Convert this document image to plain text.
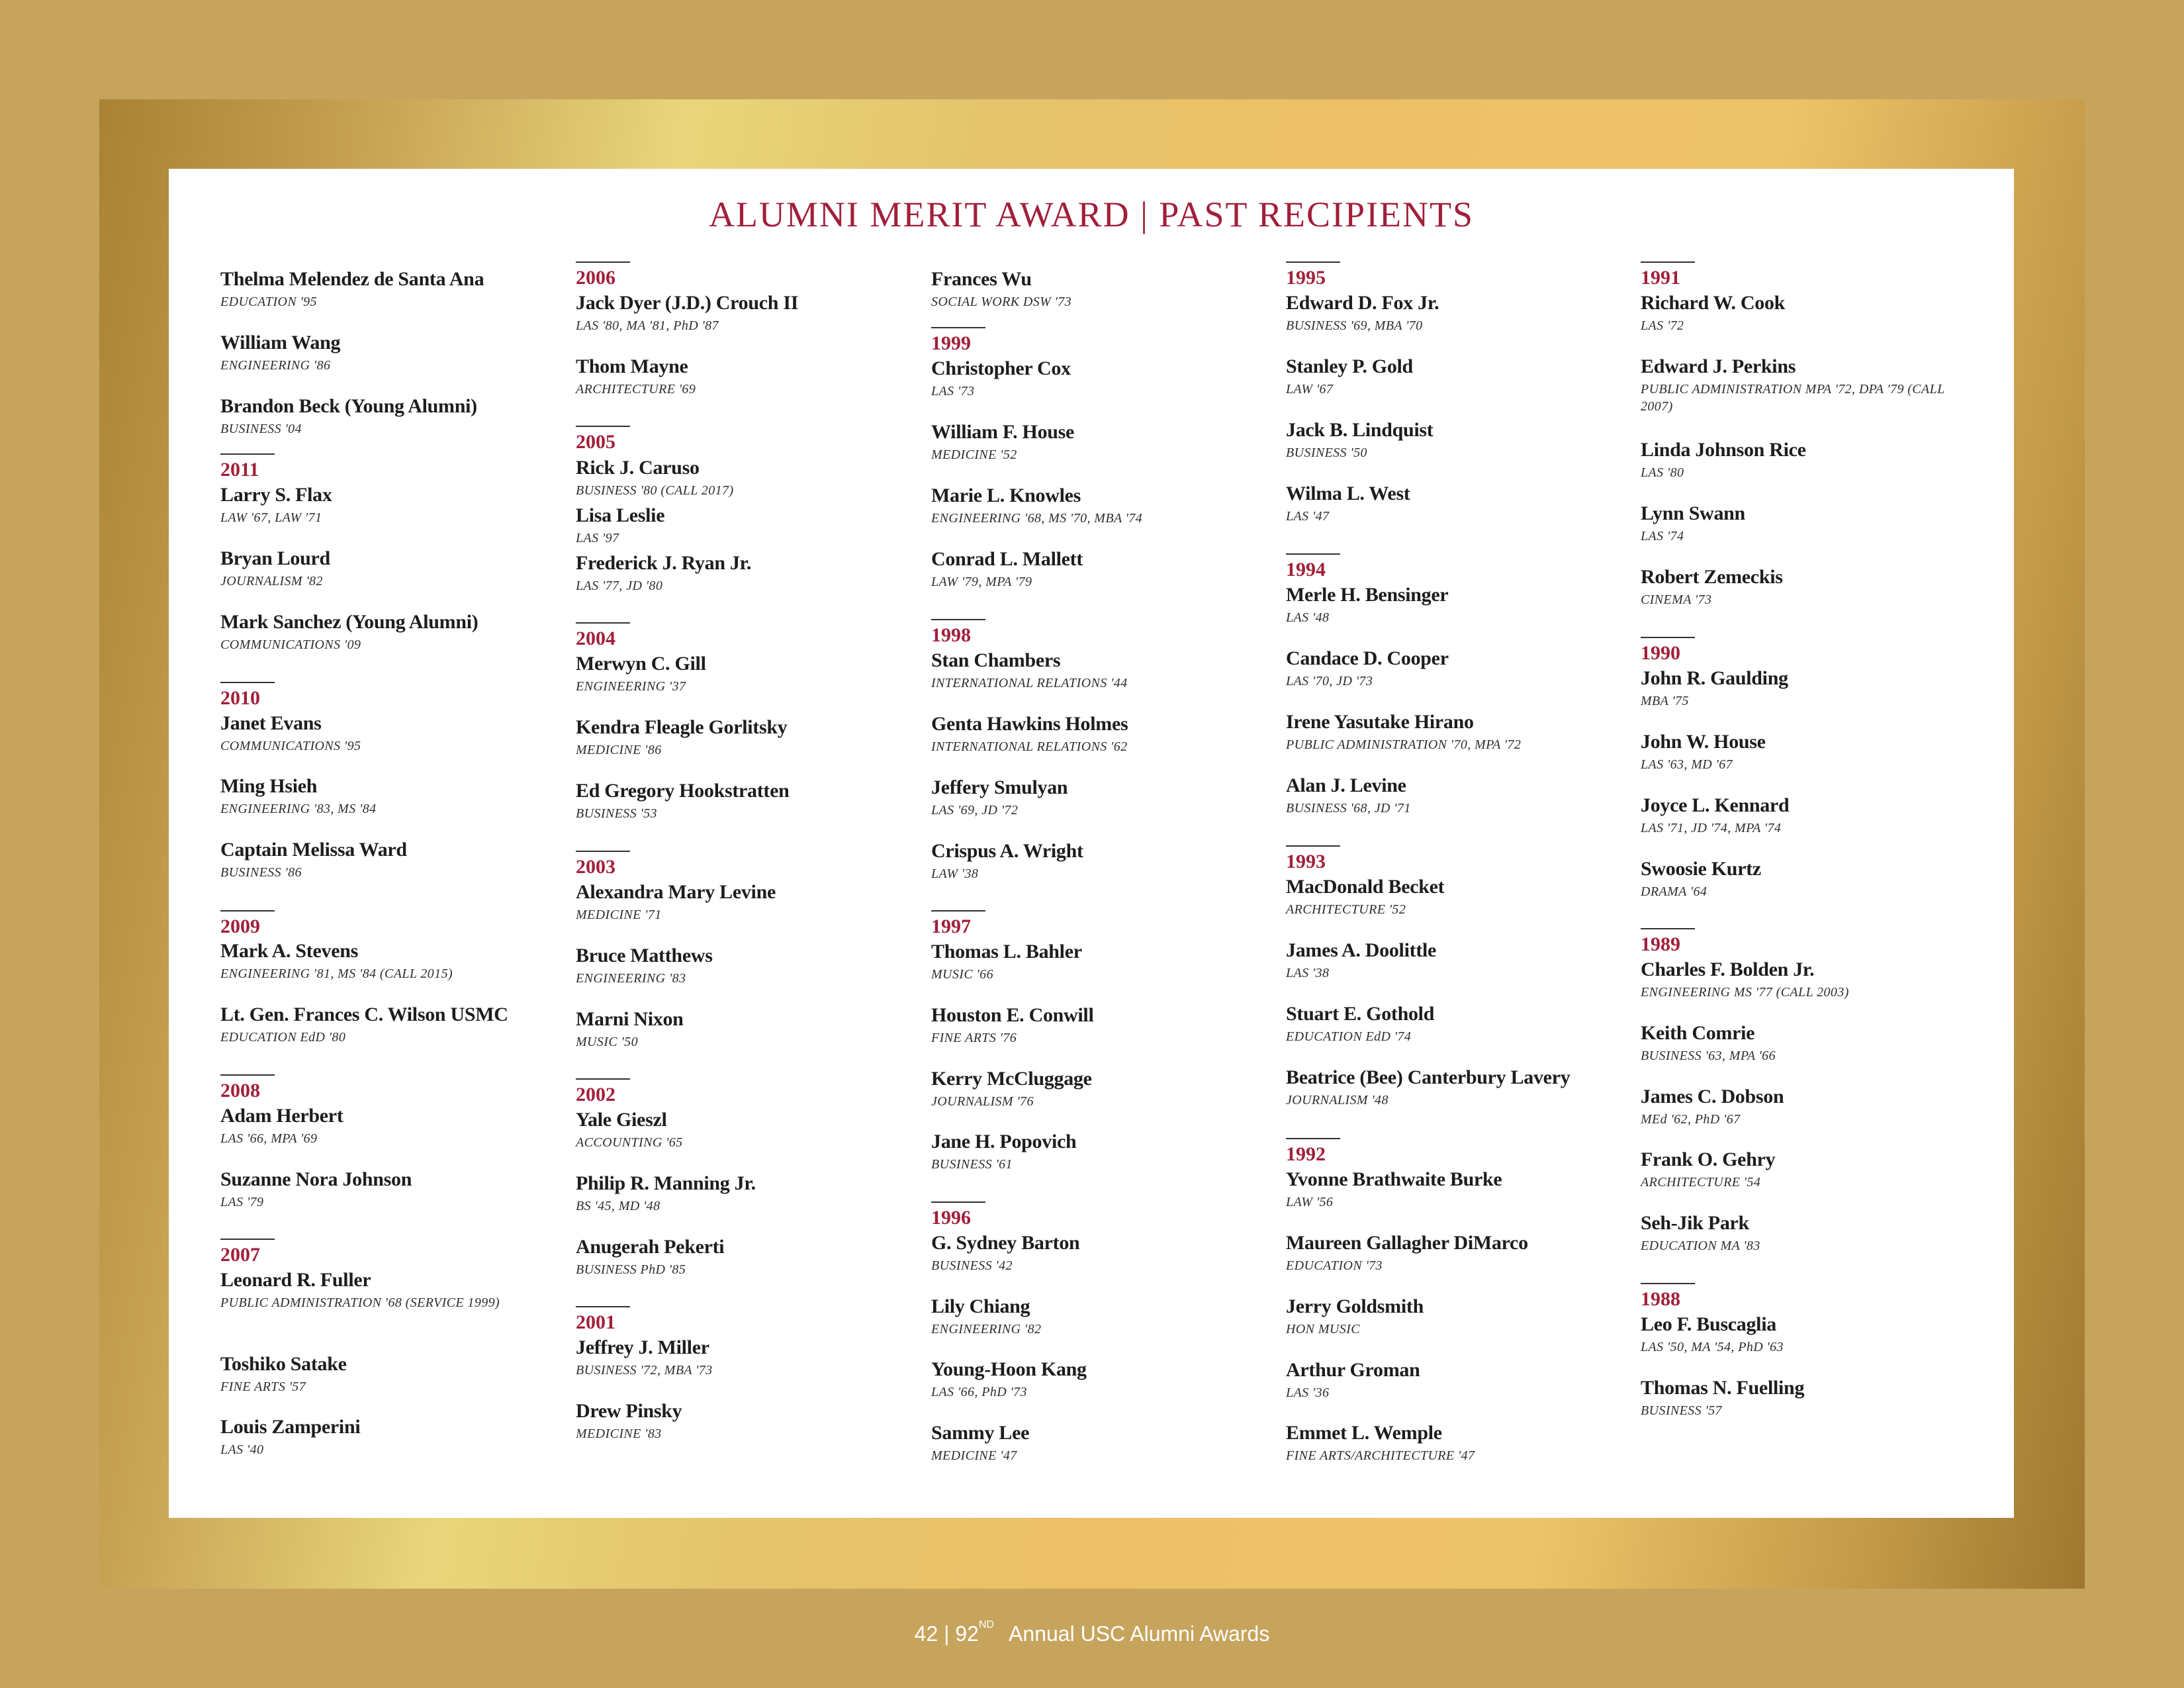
ALUMNI MERIT AWARD | PAST RECIPIENTS
Thelma Melendez de Santa Ana
EDUCATION '95
William Wang
ENGINEERING '86
Brandon Beck (Young Alumni)
BUSINESS '04
2011
Larry S. Flax
LAW '67, LAW '71
Bryan Lourd
JOURNALISM '82
Mark Sanchez (Young Alumni)
COMMUNICATIONS '09
2010
Janet Evans
COMMUNICATIONS '95
Ming Hsieh
ENGINEERING '83, MS '84
Captain Melissa Ward
BUSINESS '86
2009
Mark A. Stevens
ENGINEERING '81, MS '84 (CALL 2015)
Lt. Gen. Frances C. Wilson USMC
EDUCATION EdD '80
2008
Adam Herbert
LAS '66, MPA '69
Suzanne Nora Johnson
LAS '79
2007
Leonard R. Fuller
PUBLIC ADMINISTRATION '68 (SERVICE 1999)
Toshiko Satake
FINE ARTS '57
Louis Zamperini
LAS '40
2006
Jack Dyer (J.D.) Crouch II
LAS '80, MA '81, PhD '87
Thom Mayne
ARCHITECTURE '69
2005
Rick J. Caruso
BUSINESS '80 (CALL 2017)
Lisa Leslie
LAS '97
Frederick J. Ryan Jr.
LAS '77, JD '80
2004
Merwyn C. Gill
ENGINEERING '37
Kendra Fleagle Gorlitsky
MEDICINE '86
Ed Gregory Hookstratten
BUSINESS '53
2003
Alexandra Mary Levine
MEDICINE '71
Bruce Matthews
ENGINEERING '83
Marni Nixon
MUSIC '50
2002
Yale Gieszl
ACCOUNTING '65
Philip R. Manning Jr.
BS '45, MD '48
Anugerah Pekerti
BUSINESS PhD '85
2001
Jeffrey J. Miller
BUSINESS '72, MBA '73
Drew Pinsky
MEDICINE '83
Frances Wu
SOCIAL WORK DSW '73
1999
Christopher Cox
LAS '73
William F. House
MEDICINE '52
Marie L. Knowles
ENGINEERING '68, MS '70, MBA '74
Conrad L. Mallett
LAW '79, MPA '79
1998
Stan Chambers
INTERNATIONAL RELATIONS '44
Genta Hawkins Holmes
INTERNATIONAL RELATIONS '62
Jeffery Smulyan
LAS '69, JD '72
Crispus A. Wright
LAW '38
1997
Thomas L. Bahler
MUSIC '66
Houston E. Conwill
FINE ARTS '76
Kerry McCluggage
JOURNALISM '76
Jane H. Popovich
BUSINESS '61
1996
G. Sydney Barton
BUSINESS '42
Lily Chiang
ENGINEERING '82
Young-Hoon Kang
LAS '66, PhD '73
Sammy Lee
MEDICINE '47
1995
Edward D. Fox Jr.
BUSINESS '69, MBA '70
Stanley P. Gold
LAW '67
Jack B. Lindquist
BUSINESS '50
Wilma L. West
LAS '47
1994
Merle H. Bensinger
LAS '48
Candace D. Cooper
LAS '70, JD '73
Irene Yasutake Hirano
PUBLIC ADMINISTRATION '70, MPA '72
Alan J. Levine
BUSINESS '68, JD '71
1993
MacDonald Becket
ARCHITECTURE '52
James A. Doolittle
LAS '38
Stuart E. Gothold
EDUCATION EdD '74
Beatrice (Bee) Canterbury Lavery
JOURNALISM '48
1992
Yvonne Brathwaite Burke
LAW '56
Maureen Gallagher DiMarco
EDUCATION '73
Jerry Goldsmith
HON MUSIC
Arthur Groman
LAS '36
Emmet L. Wemple
FINE ARTS/ARCHITECTURE '47
1991
Richard W. Cook
LAS '72
Edward J. Perkins
PUBLIC ADMINISTRATION MPA '72, DPA '79 (CALL 2007)
Linda Johnson Rice
LAS '80
Lynn Swann
LAS '74
Robert Zemeckis
CINEMA '73
1990
John R. Gaulding
MBA '75
John W. House
LAS '63, MD '67
Joyce L. Kennard
LAS '71, JD '74, MPA '74
Swoosie Kurtz
DRAMA '64
1989
Charles F. Bolden Jr.
ENGINEERING MS '77 (CALL 2003)
Keith Comrie
BUSINESS '63, MPA '66
James C. Dobson
MEd '62, PhD '67
Frank O. Gehry
ARCHITECTURE '54
Seh-Jik Park
EDUCATION MA '83
1988
Leo F. Buscaglia
LAS '50, MA '54, PhD '63
Thomas N. Fuelling
BUSINESS '57
42 | 92ND Annual USC Alumni Awards
